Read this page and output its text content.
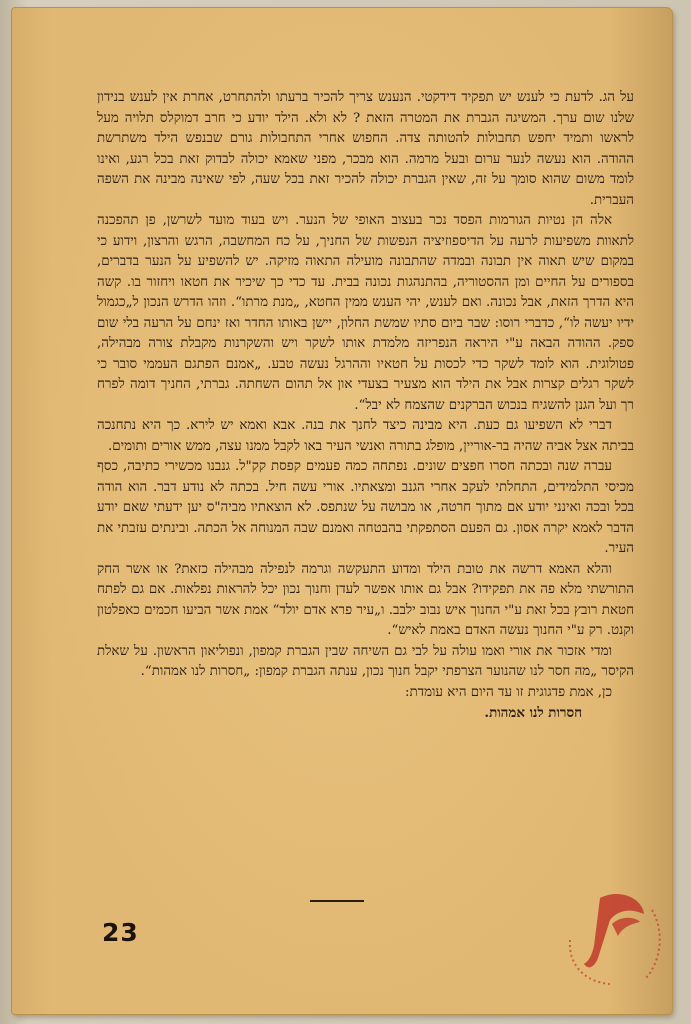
על הג. לדעת כי לענש יש תפקיד דידקטי. הנענש צריך להכיר ברעתו ולהתחרט, אחרת אין לענש בנידון שלנו שום ערך. המשיגה הגברת את המטרה הזאת ? לא ולא. הילד יודע כי חרב דמוקלס תלויה מעל לראשו ותמיד יחפש תחבולות להטותה צדה. החפוש אחרי התחבולות גורם שבנפש הילד משתרשת ההודה. הוא נעשה לנער ערום ובעל מרמה. הוא מבכר, מפני שאמא יכולה לבדוק זאת בכל רגע, ואינו לומד משום שהוא סומך על זה, שאין הגברת יכולה להכיר זאת בכל שעה, לפי שאינה מבינה את השפה העברית.

אלה הן נטיות הגורמות הפסד נכר בעצוב האופי של הנער. ויש בעוד מועד לשרשן, פן תהפכנה לתאוות משפיעות לרעה על הדיספוזיציה הנפשות של החניך, על כח המחשבה, הרגש והרצון, וידוע כי במקום שיש תאוה אין תבונה ובמדה שהתבונה מועילה התאוה מזיקה. יש להשפיע על הנער בדברים, בספורים על החיים ומן ההסטוריה, בהתנהגות נכונה בבית. עד כדי כך שיכיר את חטאו ויחזור בו. קשה היא הדרך הזאת, אבל נכונה. ואם לענש, יהי הענש ממין החטא, „מנת מרתו“. וזהו הדרש הנכון ל„כגמול ידיו יעשה לו“, כדברי רוסו: שבר ביום סתיו שמשת החלון, יישן באותו החדר ואז ינחם על הרעה בלי שום ספק. ההודה הבאה ע"י היראה הנפריזה מלמדת אותו לשקר ויש והשקרנות מקבלת צורה מבהילה, פטולוגית. הוא לומד לשקר כדי לכסות על חטאיו וההרגל נעשה טבע. „אמנם הפתגם העממי סובר כי לשקר רגלים קצרות אבל את הילד הוא מצעיר בצעדי און אל תהום השחתה. גברתי, החניך דומה לפרח רך ועל הגנן להשגיח בנכוש הברקנים שהצמח לא יבל“.

דברי לא השפיעו גם כעת. היא מבינה כיצד לחנך את בנה. אבא ואמא יש לירא. כך היא נתחנכה בביתה אצל אביה שהיה בר-אוריין, מופלג בתורה ואנשי העיר באו לקבל ממנו עצה, ממש אורים ותומים.

עברה שנה ובכתה חסרו חפצים שונים. נפתחה כמה פעמים קפסת קק"ל. גנבנו מכשירי כתיבה, כסף מכיסי התלמידים, התחלתי לעקב אחרי הגנב ומצאתיו. אורי עשה חיל. בכתה לא נודע דבר. הוא הודה בכל ובכה ואינני יודע אם מתוך חרטה, או מבושה על שנתפס. לא הוצאתיו מביה"ס יען ידעתי שאם יודע הדבר לאמא יקרה אסון. גם הפעם הסתפקתי בהבטחה ואמנם שבה המנוחה אל הכתה. ובינתים עזבתי את העיר.

והלא האמא דרשה את טובת הילד ומדוע התעקשה וגרמה לנפילה מבהילה כזאת? או אשר החק התורשתי מלא פה את תפקידו? אבל גם אותו אפשר לעדן וחנוך נכון יכל להראות נפלאות. אם גם לפתח חטאת רובץ בכל זאת ע"י החנוך איש נבוב ילבב. ו„עיר פרא אדם יולד“ אמת אשר הביעו חכמים כאפלטון וקנט. רק ע"י החנוך נעשה האדם באמת לאיש“.

ומדי אזכור את אורי ואמו עולה על לבי גם השיחה שבין הגברת קמפון, ונפוליאון הראשון. על שאלת הקיסר „מה חסר לנו שהנוער הצרפתי יקבל חנוך נכון, ענתה הגברת קמפון: „חסרות לנו אמהות“.

כן, אמת פדגוגית זו עד היום היא עומדת:

חסרות לנו אמהות.

23
